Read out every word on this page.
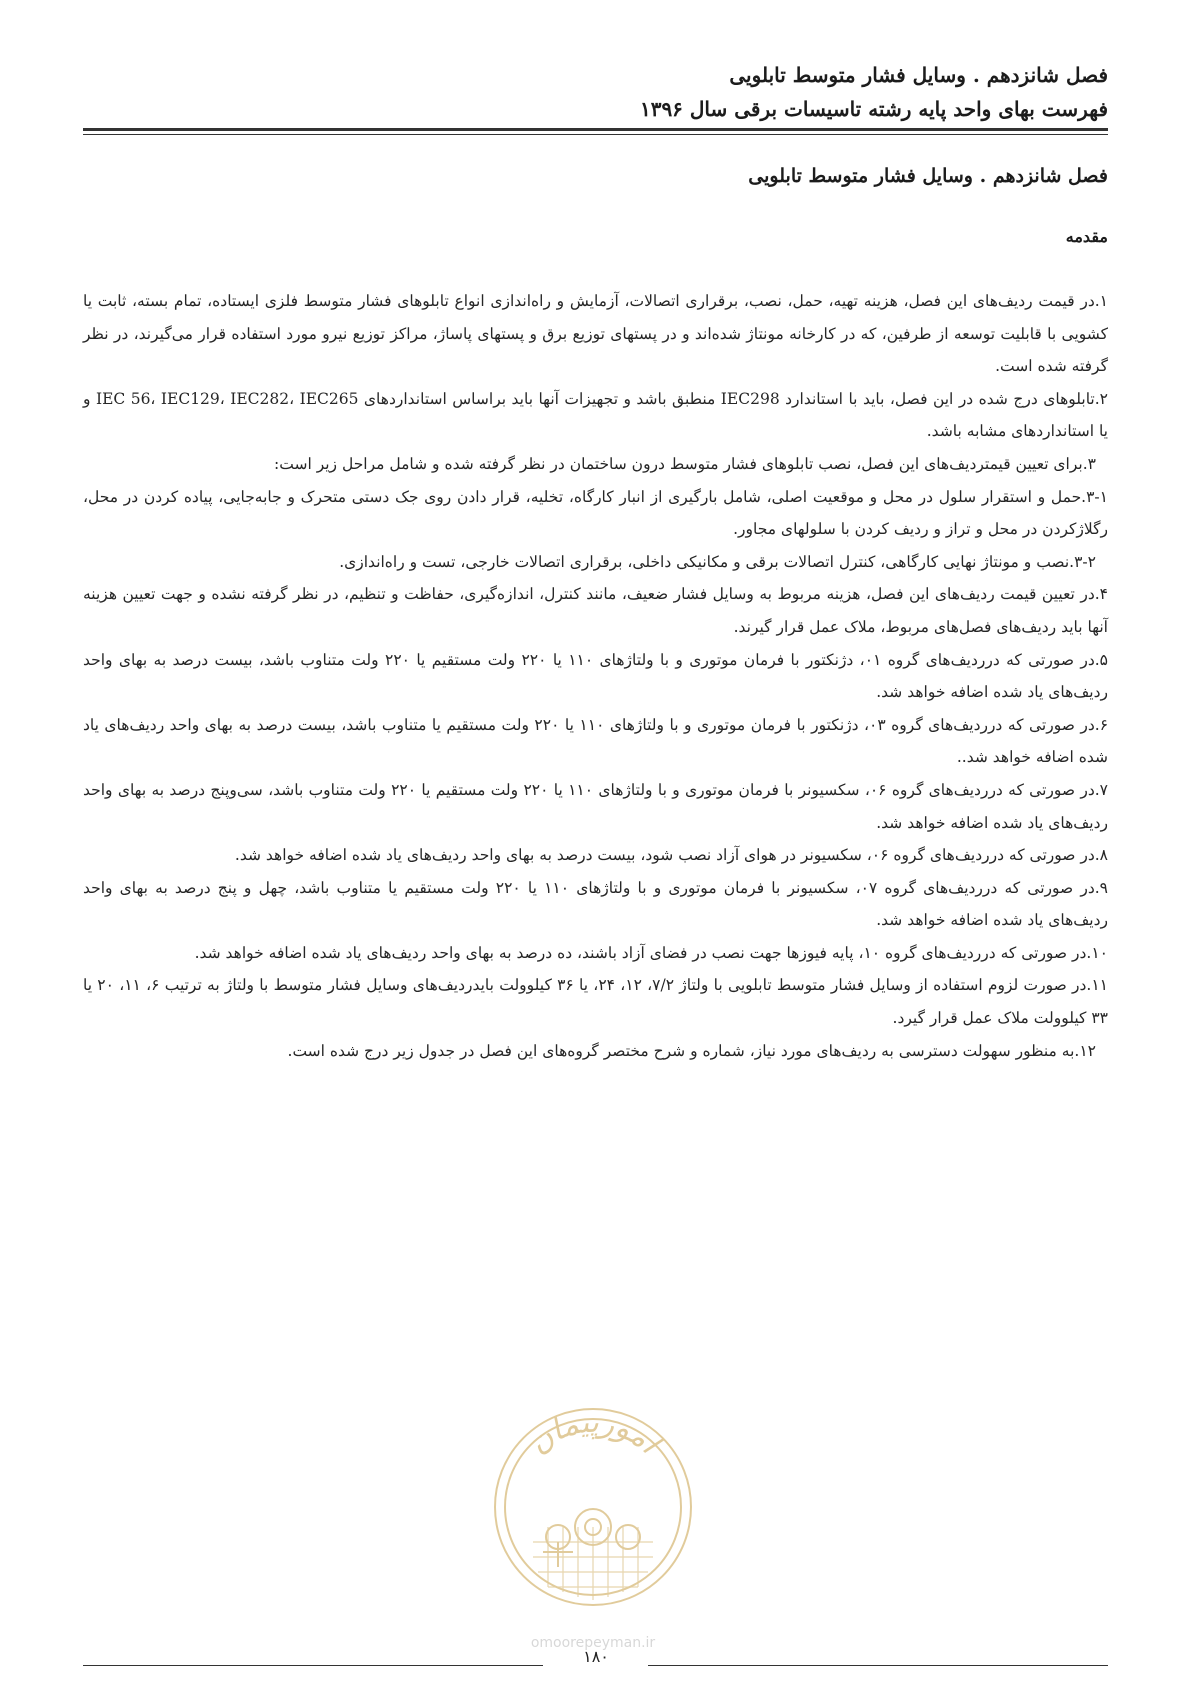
فصل شانزدهم . وسایل فشار متوسط تابلویی
فهرست بهای واحد پایه رشته تاسیسات برقی سال ۱۳۹۶
فصل شانزدهم . وسایل فشار متوسط تابلویی
مقدمه

۱.در قیمت ردیف‌های این فصل، هزینه تهیه، حمل، نصب، برقراری اتصالات، آزمایش و راه‌اندازی انواع تابلوهای فشار متوسط فلزی ایستاده، تمام بسته، ثابت یا کشویی با قابلیت توسعه از طرفین، که در کارخانه مونتاژ شده‌اند و در پستهای توزیع برق و پستهای پاساژ، مراکز توزیع نیرو مورد استفاده قرار می‌گیرند، در نظر گرفته شده است.

۲.تابلوهای درج شده در این فصل، باید با استاندارد IEC298 منطبق باشد و تجهیزات آنها باید براساس استانداردهای IEC 56، IEC129، IEC282، IEC265 و یا استانداردهای مشابه باشد.

۳.برای تعیین قیمتردیف‌های این فصل، نصب تابلوهای فشار متوسط درون ساختمان در نظر گرفته شده و شامل مراحل زیر است:

۳-۱.حمل و استقرار سلول در محل و موقعیت اصلی، شامل بارگیری از انبار کارگاه، تخلیه، قرار دادن روی جک دستی متحرک و جابه‌جایی، پیاده کردن در محل، رگلاژکردن در محل و تراز و ردیف کردن با سلولهای مجاور.

۳-۲.نصب و مونتاژ نهایی کارگاهی، کنترل اتصالات برقی و مکانیکی داخلی، برقراری اتصالات خارجی، تست و راه‌اندازی.

۴.در تعیین قیمت ردیف‌های این فصل، هزینه مربوط به وسایل فشار ضعیف، مانند کنترل، اندازه‌گیری، حفاظت و تنظیم، در نظر گرفته نشده و جهت تعیین هزینه آنها باید ردیف‌های فصل‌های مربوط، ملاک عمل قرار گیرند.

۵.در صورتی که درردیف‌های گروه ۰۱، دژنکتور با فرمان موتوری و با ولتاژهای ۱۱۰ یا ۲۲۰ ولت مستقیم یا ۲۲۰ ولت متناوب باشد، بیست درصد به بهای واحد ردیف‌های یاد شده اضافه خواهد شد.

۶.در صورتی که درردیف‌های گروه ۰۳، دژنکتور با فرمان موتوری و با ولتاژهای ۱۱۰ یا ۲۲۰ ولت مستقیم یا متناوب باشد، بیست درصد به بهای واحد ردیف‌های یاد شده اضافه خواهد شد..

۷.در صورتی که درردیف‌های گروه ۰۶، سکسیونر با فرمان موتوری و با ولتاژهای ۱۱۰ یا ۲۲۰ ولت مستقیم یا ۲۲۰ ولت متناوب باشد، سی‌وپنج درصد به بهای واحد ردیف‌های یاد شده اضافه خواهد شد.

۸.در صورتی که درردیف‌های گروه ۰۶، سکسیونر در هوای آزاد نصب شود، بیست درصد به بهای واحد ردیف‌های یاد شده اضافه خواهد شد.

۹.در صورتی که درردیف‌های گروه ۰۷، سکسیونر با فرمان موتوری و با ولتاژهای ۱۱۰ یا ۲۲۰ ولت مستقیم یا متناوب باشد، چهل و پنج درصد به بهای واحد ردیف‌های یاد شده اضافه خواهد شد.

۱۰.در صورتی که درردیف‌های گروه ۱۰، پایه فیوزها جهت نصب در فضای آزاد باشند، ده درصد به بهای واحد ردیف‌های یاد شده اضافه خواهد شد.

۱۱.در صورت لزوم استفاده از وسایل فشار متوسط تابلویی با ولتاژ ۷/۲، ۱۲، ۲۴، یا ۳۶ کیلوولت بایدردیف‌های وسایل فشار متوسط با ولتاژ به ترتیب ۶، ۱۱، ۲۰ یا ۳۳ کیلوولت ملاک عمل قرار گیرد.

۱۲.به منظور سهولت دسترسی به ردیف‌های مورد نیاز، شماره و شرح مختصر گروه‌های این فصل در جدول زیر درج شده است.

امورپیمان
omoorepeyman.ir
۱۸۰
